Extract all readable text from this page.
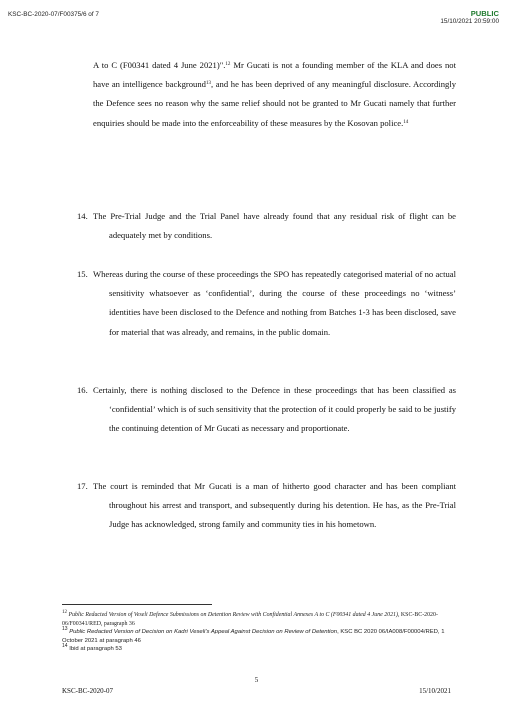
KSC-BC-2020-07/F00375/6 of 7	PUBLIC
15/10/2021 20:59:00
A to C (F00341 dated 4 June 2021)".$^{12}$ Mr Gucati is not a founding member of the KLA and does not have an intelligence background$^{13}$, and he has been deprived of any meaningful disclosure. Accordingly the Defence sees no reason why the same relief should not be granted to Mr Gucati namely that further enquiries should be made into the enforceability of these measures by the Kosovan police.$^{14}$
14. The Pre-Trial Judge and the Trial Panel have already found that any residual risk of flight can be adequately met by conditions.
15. Whereas during the course of these proceedings the SPO has repeatedly categorised material of no actual sensitivity whatsoever as ‘confidential’, during the course of these proceedings no ‘witness’ identities have been disclosed to the Defence and nothing from Batches 1-3 has been disclosed, save for material that was already, and remains, in the public domain.
16. Certainly, there is nothing disclosed to the Defence in these proceedings that has been classified as ‘confidential’ which is of such sensitivity that the protection of it could properly be said to be justify the continuing detention of Mr Gucati as necessary and proportionate.
17. The court is reminded that Mr Gucati is a man of hitherto good character and has been compliant throughout his arrest and transport, and subsequently during his detention. He has, as the Pre-Trial Judge has acknowledged, strong family and community ties in his hometown.
$^{12}$ Public Redacted Version of Veseli Defence Submissions on Detention Review with Confidential Annexes A to C (F00341 dated 4 June 2021), KSC-BC-2020-06/F00341/RED, paragraph 36
$^{13}$ Public Redacted Version of Decision on Kadri Veseli’s Appeal Against Decision on Review of Detention, KSC BC 2020 06/IA008/F00004/RED, 1 October 2021 at paragraph 46
$^{14}$ Ibid at paragraph 53
5
KSC-BC-2020-07	15/10/2021
